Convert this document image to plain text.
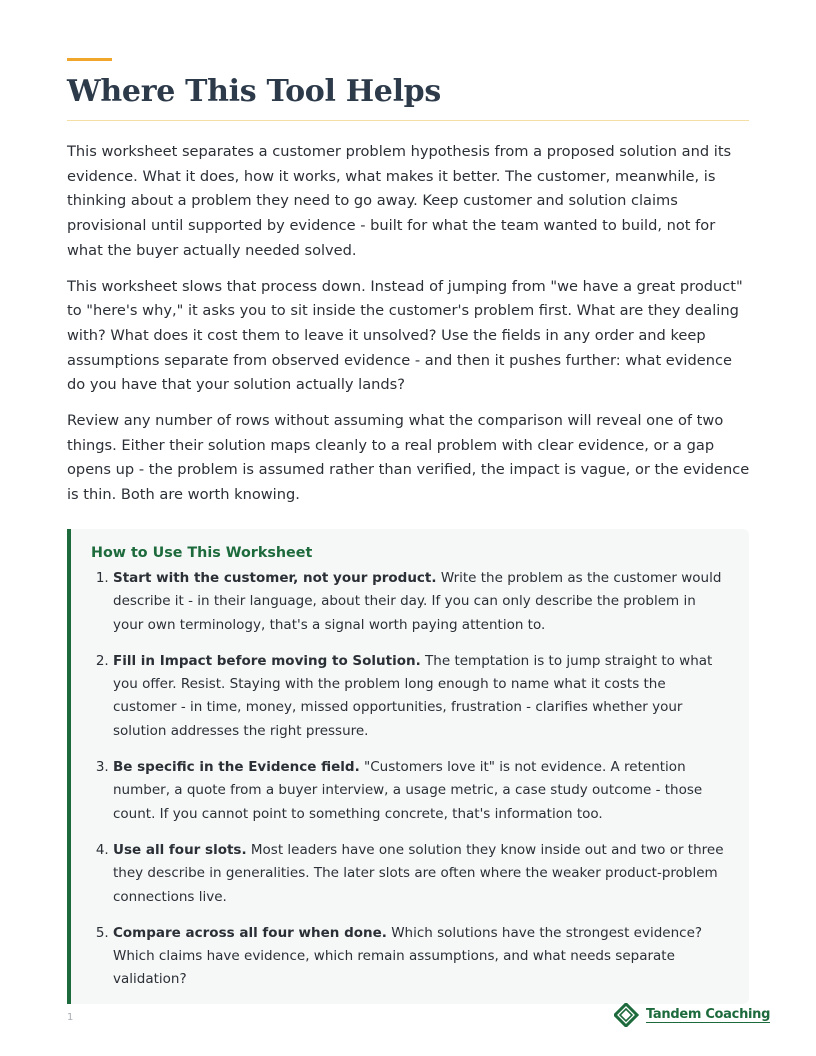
Where This Tool Helps

This worksheet separates a customer problem hypothesis from a proposed solution and its evidence. What it does, how it works, what makes it better. The customer, meanwhile, is thinking about a problem they need to go away. Keep customer and solution claims provisional until supported by evidence - built for what the team wanted to build, not for what the buyer actually needed solved.

This worksheet slows that process down. Instead of jumping from "we have a great product" to "here's why," it asks you to sit inside the customer's problem first. What are they dealing with? What does it cost them to leave it unsolved? Use the fields in any order and keep assumptions separate from observed evidence - and then it pushes further: what evidence do you have that your solution actually lands?

Review any number of rows without assuming what the comparison will reveal one of two things. Either their solution maps cleanly to a real problem with clear evidence, or a gap opens up - the problem is assumed rather than verified, the impact is vague, or the evidence is thin. Both are worth knowing.

How to Use This Worksheet
1. Start with the customer, not your product. Write the problem as the customer would describe it - in their language, about their day. If you can only describe the problem in your own terminology, that's a signal worth paying attention to.
2. Fill in Impact before moving to Solution. The temptation is to jump straight to what you offer. Resist. Staying with the problem long enough to name what it costs the customer - in time, money, missed opportunities, frustration - clarifies whether your solution addresses the right pressure.
3. Be specific in the Evidence field. "Customers love it" is not evidence. A retention number, a quote from a buyer interview, a usage metric, a case study outcome - those count. If you cannot point to something concrete, that's information too.
4. Use all four slots. Most leaders have one solution they know inside out and two or three they describe in generalities. The later slots are often where the weaker product-problem connections live.
5. Compare across all four when done. Which solutions have the strongest evidence? Which claims have evidence, which remain assumptions, and what needs separate validation?
1	Tandem Coaching
